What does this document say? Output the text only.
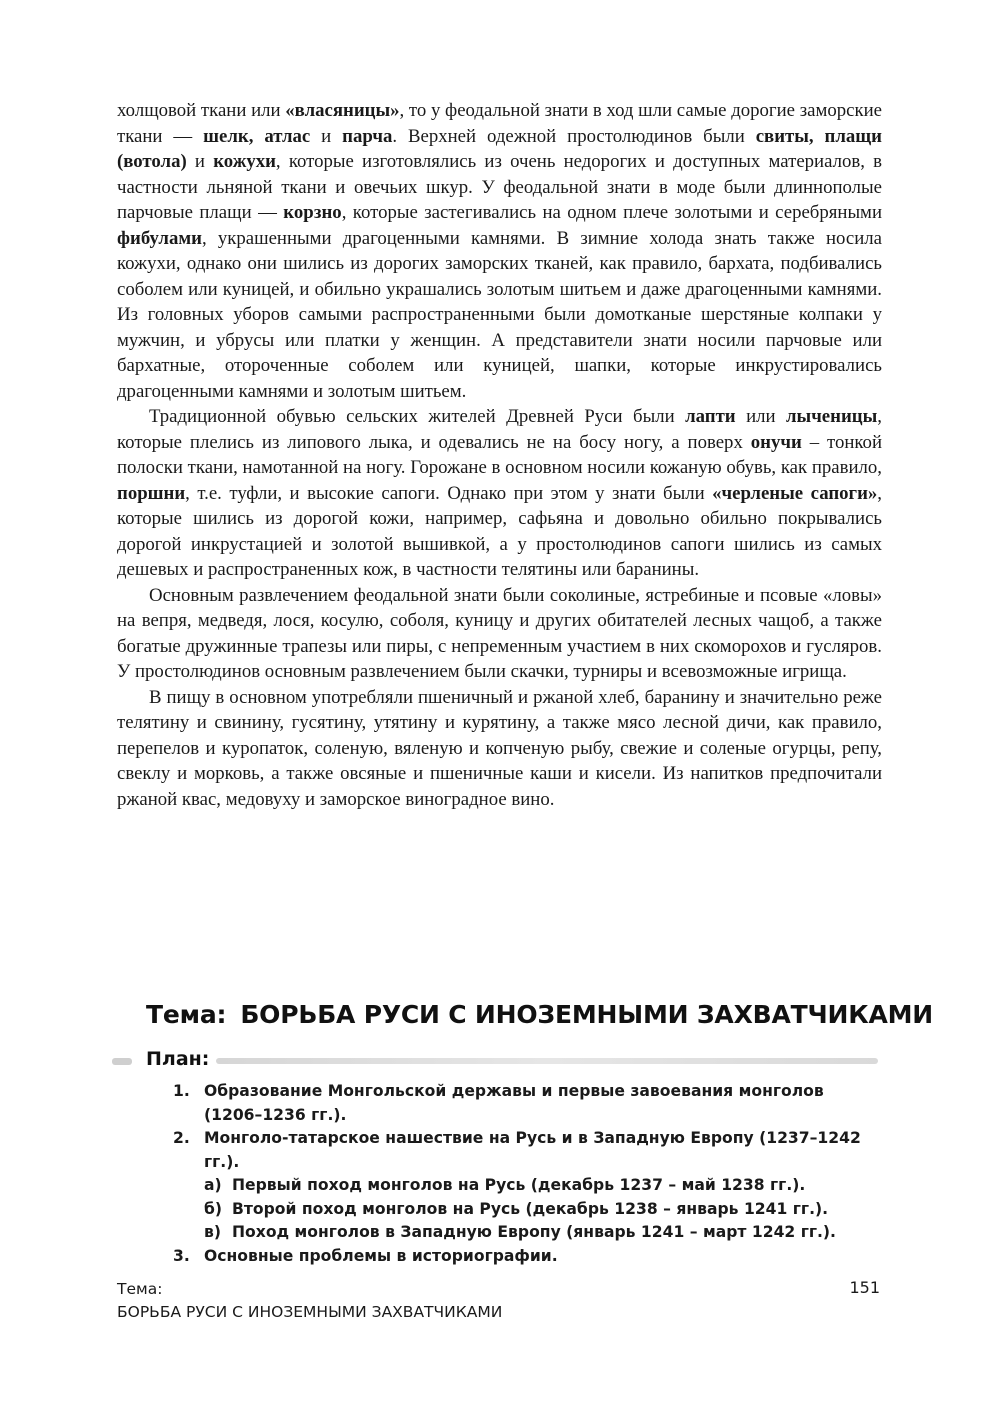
холщовой ткани или «власяницы», то у феодальной знати в ход шли самые дорогие заморские ткани — шелк, атлас и парча. Верхней одежной простолюдинов были свиты, плащи (вотола) и кожухи, которые изготовлялись из очень недорогих и доступных материалов, в частности льняной ткани и овечьих шкур. У феодальной знати в моде были длиннополые парчовые плащи — корзно, которые застегивались на одном плече золотыми и серебряными фибулами, украшенными драгоценными камнями. В зимние холода знать также носила кожухи, однако они шились из дорогих заморских тканей, как правило, бархата, подбивались соболем или куницей, и обильно украшались золотым шитьем и даже драгоценными камнями. Из головных уборов самыми распространенными были домотканые шерстяные колпаки у мужчин, и убрусы или платки у женщин. А представители знати носили парчовые или бархатные, отороченные соболем или куницей, шапки, которые инкрустировались драгоценными камнями и золотым шитьем.

Традиционной обувью сельских жителей Древней Руси были лапти или лыченицы, которые плелись из липового лыка, и одевались не на босу ногу, а поверх онучи – тонкой полоски ткани, намотанной на ногу. Горожане в основном носили кожаную обувь, как правило, поршни, т.е. туфли, и высокие сапоги. Однако при этом у знати были «черленые сапоги», которые шились из дорогой кожи, например, сафьяна и довольно обильно покрывались дорогой инкрустацией и золотой вышивкой, а у простолюдинов сапоги шились из самых дешевых и распространенных кож, в частности телятины или баранины.

Основным развлечением феодальной знати были соколиные, ястребиные и псовые «ловы» на вепря, медведя, лося, косулю, соболя, куницу и других обитателей лесных чащоб, а также богатые дружинные трапезы или пиры, с непременным участием в них скоморохов и гусляров. У простолюдинов основным развлечением были скачки, турниры и всевозможные игрища.

В пищу в основном употребляли пшеничный и ржаной хлеб, баранину и значительно реже телятину и свинину, гусятину, утятину и курятину, а также мясо лесной дичи, как правило, перепелов и куропаток, соленую, вяленую и копченую рыбу, свежие и соленые огурцы, репу, свеклу и морковь, а также овсяные и пшеничные каши и кисели. Из напитков предпочитали ржаной квас, медовуху и заморское виноградное вино.

Тема: БОРЬБА РУСИ С ИНОЗЕМНЫМИ ЗАХВАТЧИКАМИ
План:
1. Образование Монгольской державы и первые завоевания монголов (1206–1236 гг.).
2. Монголо-татарское нашествие на Русь и в Западную Европу (1237–1242 гг.).
а) Первый поход монголов на Русь (декабрь 1237 – май 1238 гг.).
б) Второй поход монголов на Русь (декабрь 1238 – январь 1241 гг.).
в) Поход монголов в Западную Европу (январь 1241 – март 1242 гг.).
3. Основные проблемы в историографии.
Тема:
БОРЬБА РУСИ С ИНОЗЕМНЫМИ ЗАХВАТЧИКАМИ
151
